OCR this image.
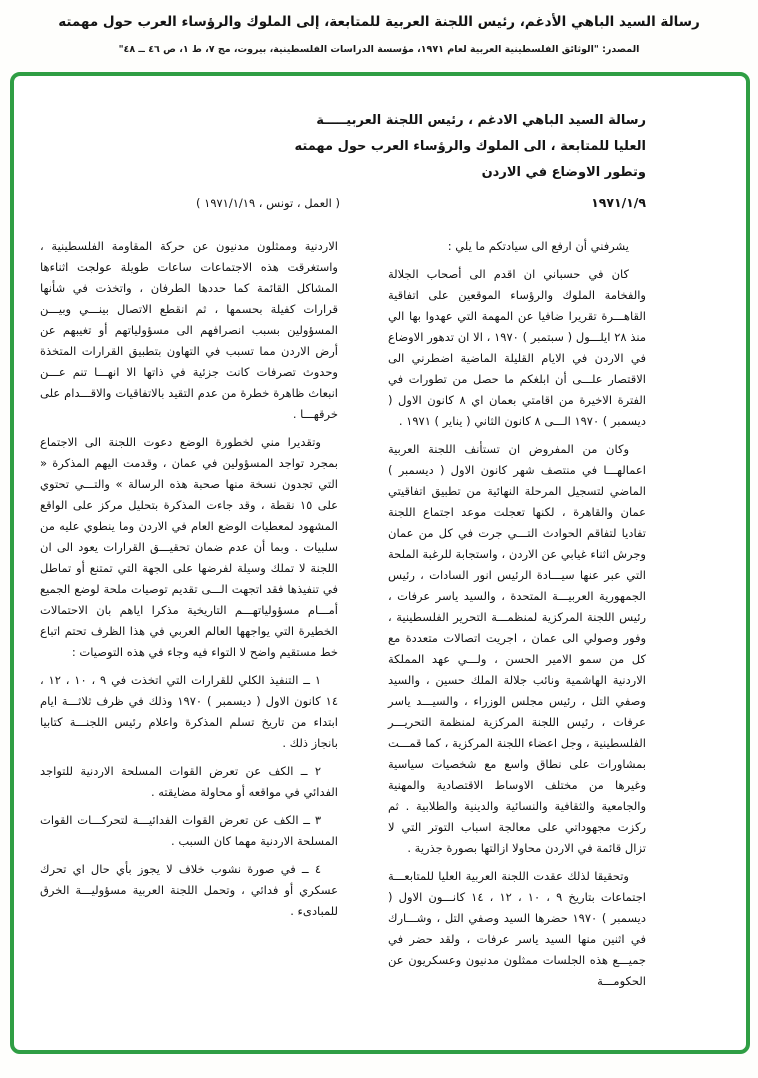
رسالة السيد الباهي الأدغم، رئيس اللجنة العربية للمتابعة، إلى الملوك والرؤساء العرب حول مهمته
المصدر: "الوثائق الفلسطينية العربية لعام ١٩٧١، مؤسسة الدراسات الفلسطينية، بيروت، مج ٧، ط ١، ص ٤٦ ــ ٤٨"
رسالة السيد الباهي الادغم ، رئيس اللجنة العربيـــــة
العليا للمتابعة ، الى الملوك والرؤساء العرب حول مهمته
وتطور الاوضاع في الاردن
١٩٧١/١/٩
( العمل ، تونس ، ١٩٧١/١/١٩ )

يشرفني أن ارفع الى سيادتكم ما يلي :

كان في حسباني ان اقدم الى أصحاب الجلالة والفخامة الملوك والرؤساء الموقعين على اتفاقية القاهـــرة تقريرا ضافيا عن المهمة التي عهدوا بها الي منذ ٢٨ ايلـــول ( سبتمبر ) ١٩٧٠ ، الا ان تدهور الاوضاع في الاردن في الايام القليلة الماضية اضطرني الى الاقتصار علـــى أن ابلغكم ما حصل من تطورات في الفترة الاخيرة من اقامتي بعمان اي ٨ كانون الاول ( ديسمبر ) ١٩٧٠ الـــى ٨ كانون الثاني ( يناير ) ١٩٧١ .

وكان من المفروض ان تستأنف اللجنة العربية اعمالهـــا في منتصف شهر كانون الاول ( ديسمبر ) الماضي لتسجيل المرحلة النهائية من تطبيق اتفاقيتي عمان والقاهرة ، لكنها تعجلت موعد اجتماع اللجنة تفاديا لتفاقم الحوادث التـــي جرت في كل من عمان وجرش اثناء غيابي عن الاردن ، واستجابة للرغبة الملحة التي عبر عنها سيـــادة الرئيس انور السادات ، رئيس الجمهورية العربيـــة المتحدة ، والسيد ياسر عرفات ، رئيس اللجنة المركزية لمنظمـــة التحرير الفلسطينية ، وفور وصولي الى عمان ، اجريت اتصالات متعددة مع كل من سمو الامير الحسن ، ولـــي عهد المملكة الاردنية الهاشمية ونائب جلالة الملك حسين ، والسيد وصفي التل ، رئيس مجلس الوزراء ، والسيـــد ياسر عرفات ، رئيس اللجنة المركزية لمنظمة التحريـــر الفلسطينية ، وجل اعضاء اللجنة المركزية ، كما قمـــت بمشاورات على نطاق واسع مع شخصيات سياسية وغيرها من مختلف الاوساط الاقتصادية والمهنية والجامعية والثقافية والنسائية والدينية والطلابية . ثم ركزت مجهوداتي على معالجة اسباب التوتر التي لا تزال قائمة في الاردن محاولا ازالتها بصورة جذرية .

وتحقيقا لذلك عقدت اللجنة العربية العليا للمتابعـــة اجتماعات بتاريخ ٩ ، ١٠ ، ١٢ ، ١٤ كانـــون الاول ( ديسمبر ) ١٩٧٠ حضرها السيد وصفي التل ، وشـــارك في اثنين منها السيد ياسر عرفات ، ولقد حضر في جميـــع هذه الجلسات ممثلون مدنيون وعسكريون عن الحكومـــة

الاردنية وممثلون مدنيون عن حركة المقاومة الفلسطينية ، واستغرقت هذه الاجتماعات ساعات طويلة عولجت اثناءها المشاكل القائمة كما حددها الطرفان ، واتخذت في شأنها قرارات كفيلة بحسمها ، ثم انقطع الاتصال بينـــي وبيـــن المسؤولين بسبب انصرافهم الى مسؤولياتهم أو تغيبهم عن أرض الاردن مما تسبب في التهاون بتطبيق القرارات المتخذة وحدوث تصرفات كانت جزئية في ذاتها الا انهـــا تنم عـــن انبعاث ظاهرة خطرة من عدم التقيد بالاتفاقيات والاقـــدام على خرقهـــا .

وتقديرا مني لخطورة الوضع دعوت اللجنة الى الاجتماع بمجرد تواجد المسؤولين في عمان ، وقدمت اليهم المذكرة « التي تجدون نسخة منها صحبة هذه الرسالة » والتـــي تحتوي على ١٥ نقطة ، وقد جاءت المذكرة بتحليل مركز على الواقع المشهود لمعطيات الوضع العام في الاردن وما ينطوي عليه من سلبيات . وبما أن عدم ضمان تحقيـــق القرارات يعود الى ان اللجنة لا تملك وسيلة لفرضها على الجهة التي تمتنع أو تماطل في تنفيذها فقد اتجهت الـــى تقديم توصيات ملحة لوضع الجميع أمـــام مسؤولياتهـــم التاريخية مذكرا اياهم بان الاحتمالات الخطيرة التي يواجهها العالم العربي في هذا الظرف تحتم اتباع خط مستقيم واضح لا التواء فيه وجاء في هذه التوصيات :

١ ــ التنفيذ الكلي للقرارات التي اتخذت في ٩ ، ١٠ ، ١٢ ، ١٤ كانون الاول ( ديسمبر ) ١٩٧٠ وذلك في ظرف ثلاثـــة ايام ابتداء من تاريخ تسلم المذكرة واعلام رئيس اللجنـــة كتابيا بانجاز ذلك .

٢ ــ الكف عن تعرض القوات المسلحة الاردنية للتواجد الفدائي في مواقعه أو محاولة مضايقته .

٣ ــ الكف عن تعرض القوات الفدائيـــة لتحركـــات القوات المسلحة الاردنية مهما كان السبب .

٤ ــ في صورة نشوب خلاف لا يجوز بأي حال اي تحرك عسكري أو فدائي ، وتحمل اللجنة العربية مسؤوليـــة الخرق للمبادىء .
